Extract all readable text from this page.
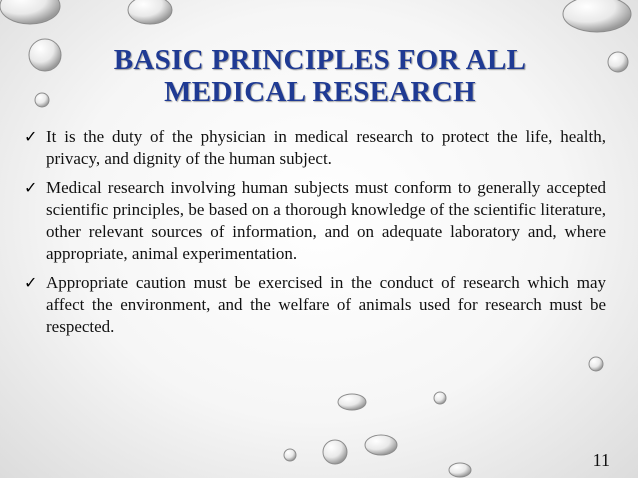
BASIC PRINCIPLES FOR ALL
MEDICAL RESEARCH
✓ It is the duty of the physician in medical research to protect the life, health, privacy, and dignity of the human subject.
✓ Medical research involving human subjects must conform to generally accepted scientific principles, be based on a thorough knowledge of the scientific literature, other relevant sources of information, and on adequate laboratory and, where appropriate, animal experimentation.
✓ Appropriate caution must be exercised in the conduct of research which may affect the environment, and the welfare of animals used for research must be respected.
11
